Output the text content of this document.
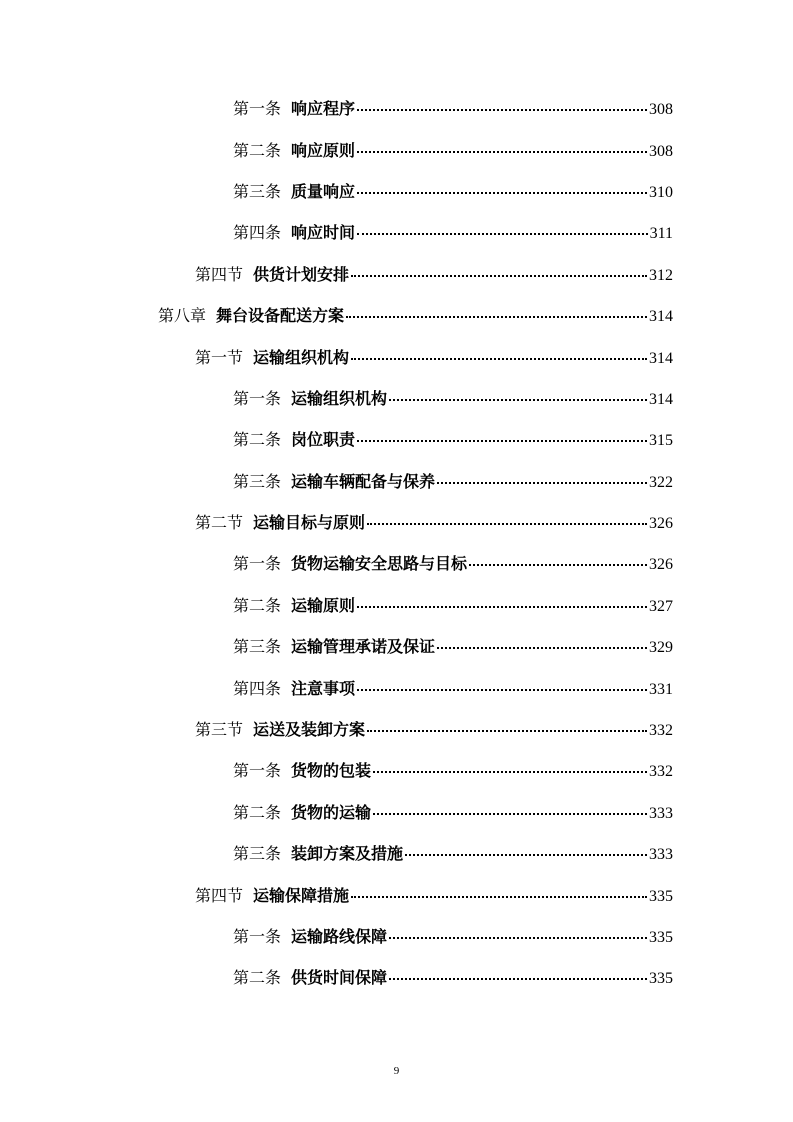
第一条 响应程序	308
第二条 响应原则	308
第三条 质量响应	310
第四条 响应时间	311
第四节 供货计划安排	312
第八章 舞台设备配送方案	314
第一节 运输组织机构	314
第一条 运输组织机构	314
第二条 岗位职责	315
第三条 运输车辆配备与保养	322
第二节 运输目标与原则	326
第一条 货物运输安全思路与目标	326
第二条 运输原则	327
第三条 运输管理承诺及保证	329
第四条 注意事项	331
第三节 运送及装卸方案	332
第一条 货物的包装	332
第二条 货物的运输	333
第三条 装卸方案及措施	333
第四节 运输保障措施	335
第一条 运输路线保障	335
第二条 供货时间保障	335
9
